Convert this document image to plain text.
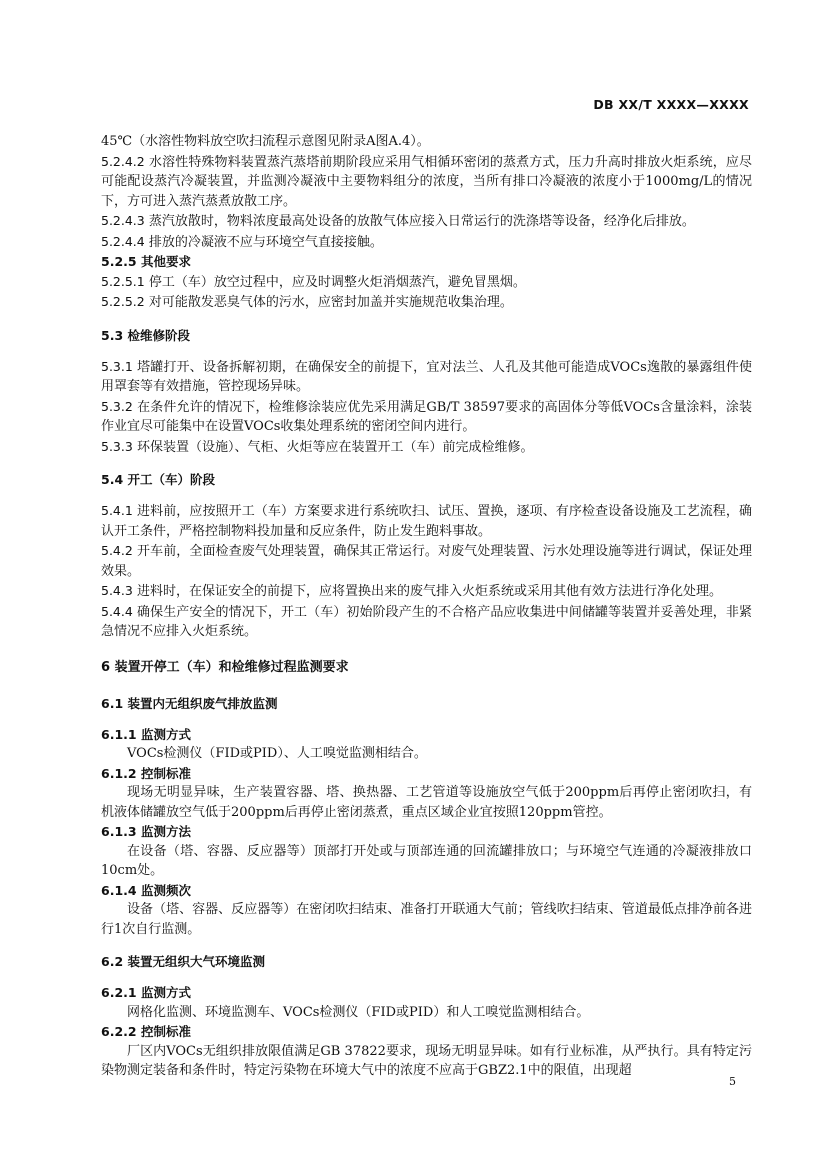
DB XX/T XXXX—XXXX
45℃（水溶性物料放空吹扫流程示意图见附录A图A.4）。
5.2.4.2 水溶性特殊物料装置蒸汽蒸塔前期阶段应采用气相循环密闭的蒸煮方式，压力升高时排放火炬系统，应尽可能配设蒸汽冷凝装置，并监测冷凝液中主要物料组分的浓度，当所有排口冷凝液的浓度小于1000mg/L的情况下，方可进入蒸汽蒸煮放散工序。
5.2.4.3 蒸汽放散时，物料浓度最高处设备的放散气体应接入日常运行的洗涤塔等设备，经净化后排放。
5.2.4.4 排放的冷凝液不应与环境空气直接接触。
5.2.5 其他要求
5.2.5.1 停工（车）放空过程中，应及时调整火炬消烟蒸汽，避免冒黑烟。
5.2.5.2 对可能散发恶臭气体的污水，应密封加盖并实施规范收集治理。
5.3 检维修阶段
5.3.1 塔罐打开、设备拆解初期，在确保安全的前提下，宜对法兰、人孔及其他可能造成VOCs逸散的暴露组件使用罩套等有效措施，管控现场异味。
5.3.2 在条件允许的情况下，检维修涂装应优先采用满足GB/T 38597要求的高固体分等低VOCs含量涂料，涂装作业宜尽可能集中在设置VOCs收集处理系统的密闭空间内进行。
5.3.3 环保装置（设施）、气柜、火炬等应在装置开工（车）前完成检维修。
5.4 开工（车）阶段
5.4.1 进料前，应按照开工（车）方案要求进行系统吹扫、试压、置换，逐项、有序检查设备设施及工艺流程，确认开工条件，严格控制物料投加量和反应条件，防止发生跑料事故。
5.4.2 开车前，全面检查废气处理装置，确保其正常运行。对废气处理装置、污水处理设施等进行调试，保证处理效果。
5.4.3 进料时，在保证安全的前提下，应将置换出来的废气排入火炬系统或采用其他有效方法进行净化处理。
5.4.4 确保生产安全的情况下，开工（车）初始阶段产生的不合格产品应收集进中间储罐等装置并妥善处理，非紧急情况不应排入火炬系统。
6 装置开停工（车）和检维修过程监测要求
6.1 装置内无组织废气排放监测
6.1.1 监测方式
VOCs检测仪（FID或PID）、人工嗅觉监测相结合。
6.1.2 控制标准
现场无明显异味，生产装置容器、塔、换热器、工艺管道等设施放空气低于200ppm后再停止密闭吹扫，有机液体储罐放空气低于200ppm后再停止密闭蒸煮，重点区域企业宜按照120ppm管控。
6.1.3 监测方法
在设备（塔、容器、反应器等）顶部打开处或与顶部连通的回流罐排放口；与环境空气连通的冷凝液排放口10cm处。
6.1.4 监测频次
设备（塔、容器、反应器等）在密闭吹扫结束、准备打开联通大气前；管线吹扫结束、管道最低点排净前各进行1次自行监测。
6.2 装置无组织大气环境监测
6.2.1 监测方式
网格化监测、环境监测车、VOCs检测仪（FID或PID）和人工嗅觉监测相结合。
6.2.2 控制标准
厂区内VOCs无组织排放限值满足GB 37822要求，现场无明显异味。如有行业标准，从严执行。具有特定污染物测定装备和条件时，特定污染物在环境大气中的浓度不应高于GBZ2.1中的限值，出现超
5
